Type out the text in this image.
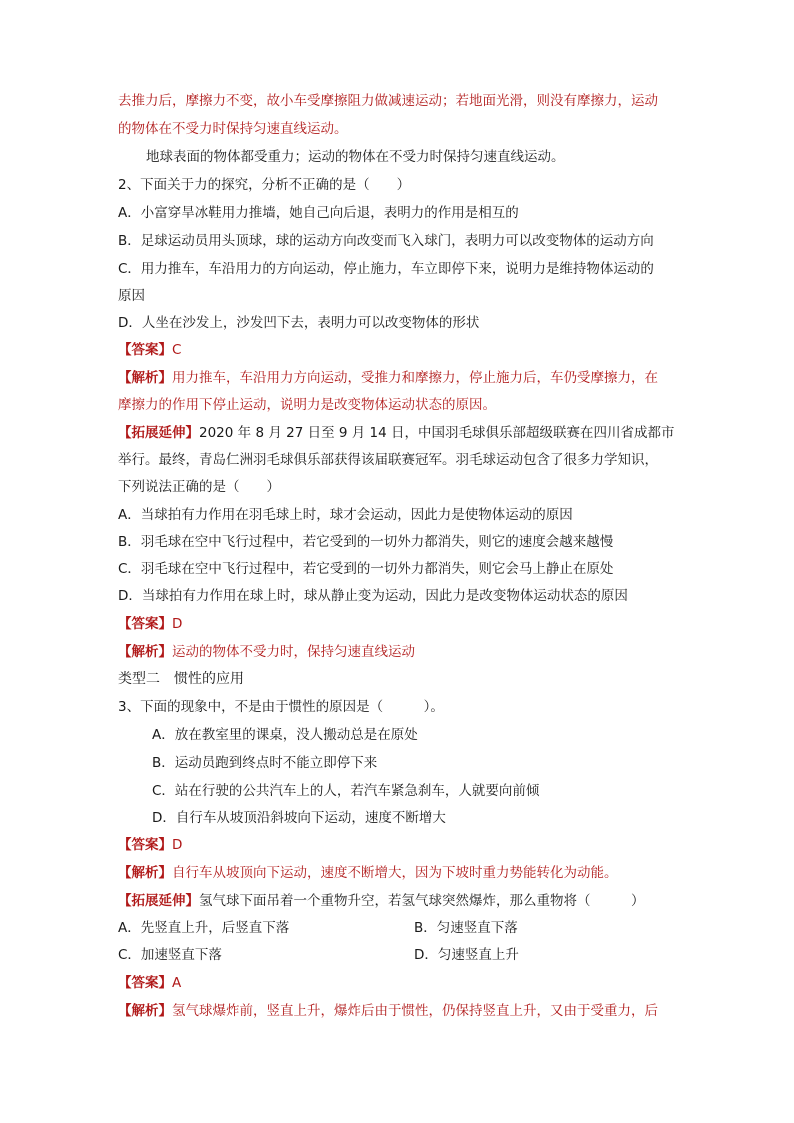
去推力后，摩擦力不变，故小车受摩擦阻力做减速运动；若地面光滑，则没有摩擦力，运动
的物体在不受力时保持匀速直线运动。
地球表面的物体都受重力；运动的物体在不受力时保持匀速直线运动。
2、下面关于力的探究，分析不正确的是（　　）
A．小富穿旱冰鞋用力推墙，她自己向后退，表明力的作用是相互的
B．足球运动员用头顶球，球的运动方向改变而飞入球门，表明力可以改变物体的运动方向
C．用力推车，车沿用力的方向运动，停止施力，车立即停下来，说明力是维持物体运动的
原因
D．人坐在沙发上，沙发凹下去，表明力可以改变物体的形状
【答案】C
【解析】用力推车，车沿用力方向运动，受推力和摩擦力，停止施力后，车仍受摩擦力，在
摩擦力的作用下停止运动，说明力是改变物体运动状态的原因。
【拓展延伸】2020 年 8 月 27 日至 9 月 14 日，中国羽毛球俱乐部超级联赛在四川省成都市
举行。最终，青岛仁洲羽毛球俱乐部获得该届联赛冠军。羽毛球运动包含了很多力学知识，
下列说法正确的是（　　）
A．当球拍有力作用在羽毛球上时，球才会运动，因此力是使物体运动的原因
B．羽毛球在空中飞行过程中，若它受到的一切外力都消失，则它的速度会越来越慢
C．羽毛球在空中飞行过程中，若它受到的一切外力都消失，则它会马上静止在原处
D．当球拍有力作用在球上时，球从静止变为运动，因此力是改变物体运动状态的原因
【答案】D
【解析】运动的物体不受力时，保持匀速直线运动
类型二　惯性的应用
3、下面的现象中，不是由于惯性的原因是（　　　）。
A．放在教室里的课桌，没人搬动总是在原处
B．运动员跑到终点时不能立即停下来
C．站在行驶的公共汽车上的人，若汽车紧急刹车，人就要向前倾
D．自行车从坡顶沿斜坡向下运动，速度不断增大
【答案】D
【解析】自行车从坡顶向下运动，速度不断增大，因为下坡时重力势能转化为动能。
【拓展延伸】氢气球下面吊着一个重物升空，若氢气球突然爆炸，那么重物将（　　　）
A．先竖直上升，后竖直下落	B．匀速竖直下落
C．加速竖直下落	D．匀速竖直上升
【答案】A
【解析】氢气球爆炸前，竖直上升，爆炸后由于惯性，仍保持竖直上升，又由于受重力，后
